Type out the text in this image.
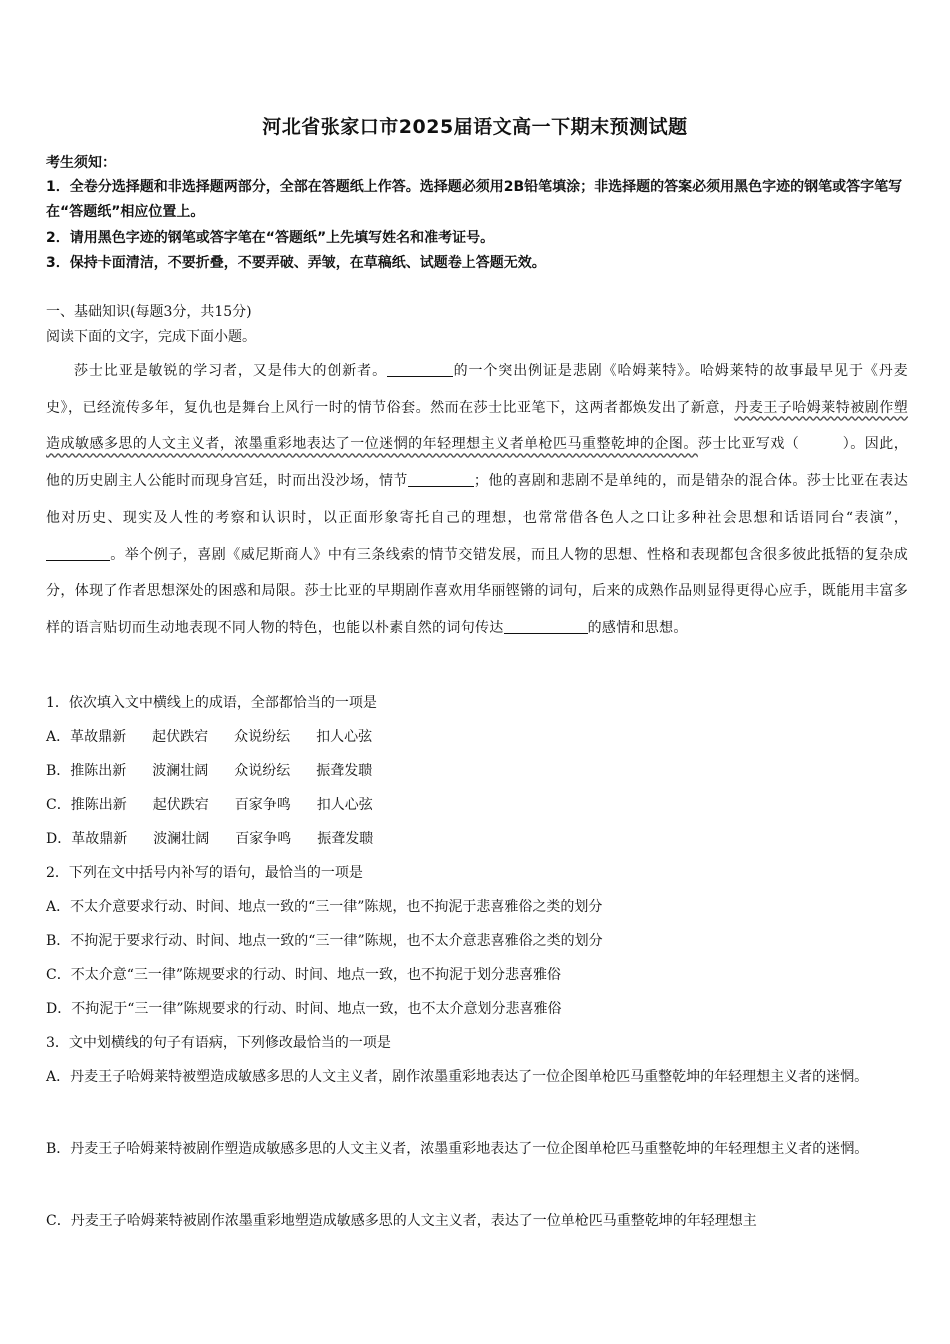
河北省张家口市2025届语文高一下期末预测试题
考生须知：
1．全卷分选择题和非选择题两部分，全部在答题纸上作答。选择题必须用2B铅笔填涂；非选择题的答案必须用黑色字迹的钢笔或答字笔写在“答题纸”相应位置上。
2．请用黑色字迹的钢笔或答字笔在“答题纸”上先填写姓名和准考证号。
3．保持卡面清洁，不要折叠，不要弄破、弄皱，在草稿纸、试题卷上答题无效。
一、基础知识(每题3分，共15分)
阅读下面的文字，完成下面小题。
莎士比亚是敏锐的学习者，又是伟大的创新者。	的一个突出例证是悲剧《哈姆莱特》。哈姆莱特的故事最早见于《丹麦史》，已经流传多年，复仇也是舞台上风行一时的情节俗套。然而在莎士比亚笔下，这两者都焕发出了新意，丹麦王子哈姆莱特被剧作塑造成敏感多思的人文主义者，浓墨重彩地表达了一位迷惘的年轻理想主义者单枪匹马重整乾坤的企图。莎士比亚写戏（　　　）。因此，他的历史剧主人公能时而现身宫廷，时而出没沙场，情节	；他的喜剧和悲剧不是单纯的，而是错杂的混合体。莎士比亚在表达他对历史、现实及人性的考察和认识时，以正面形象寄托自己的理想，也常常借各色人之口让多种社会思想和话语同台“表演”，。举个例子，喜剧《威尼斯商人》中有三条线索的情节交错发展，而且人物的思想、性格和表现都包含很多彼此抵牾的复杂成分，体现了作者思想深处的困惑和局限。莎士比亚的早期剧作喜欢用华丽铿锵的词句，后来的成熟作品则显得更得心应手，既能用丰富多样的语言贴切而生动地表现不同人物的特色，也能以朴素自然的词句传达	的感情和思想。
1．依次填入文中横线上的成语，全部都恰当的一项是
A．革故鼎新 起伏跌宕 众说纷纭 扣人心弦
B．推陈出新 波澜壮阔 众说纷纭 振聋发聩
C．推陈出新 起伏跌宕 百家争鸣 扣人心弦
D．革故鼎新 波澜壮阔 百家争鸣 振聋发聩
2．下列在文中括号内补写的语句，最恰当的一项是
A．不太介意要求行动、时间、地点一致的“三一律”陈规，也不拘泥于悲喜雅俗之类的划分
B．不拘泥于要求行动、时间、地点一致的“三一律”陈规，也不太介意悲喜雅俗之类的划分
C．不太介意“三一律”陈规要求的行动、时间、地点一致，也不拘泥于划分悲喜雅俗
D．不拘泥于“三一律”陈规要求的行动、时间、地点一致，也不太介意划分悲喜雅俗
3．文中划横线的句子有语病，下列修改最恰当的一项是
A．丹麦王子哈姆莱特被塑造成敏感多思的人文主义者，剧作浓墨重彩地表达了一位企图单枪匹马重整乾坤的年轻理想主义者的迷惘。
B．丹麦王子哈姆莱特被剧作塑造成敏感多思的人文主义者，浓墨重彩地表达了一位企图单枪匹马重整乾坤的年轻理想主义者的迷惘。
C．丹麦王子哈姆莱特被剧作浓墨重彩地塑造成敏感多思的人文主义者，表达了一位单枪匹马重整乾坤的年轻理想主
